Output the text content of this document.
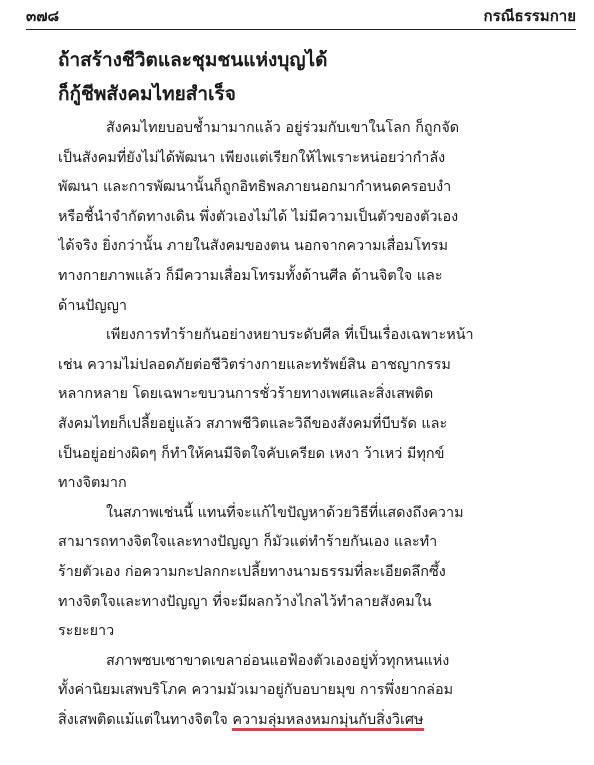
๓๗๘	กรณีธรรมกาย
ถ้าสร้างชีวิตและชุมชนแห่งบุญได้
ก็กู้ชีพสังคมไทยสำเร็จ
สังคมไทยบอบช้ำมามากแล้ว อยู่ร่วมกับเขาในโลก ก็ถูกจัด
เป็นสังคมที่ยังไม่ได้พัฒนา เพียงแต่เรียกให้ไพเราะหน่อยว่ากำลัง
พัฒนา และการพัฒนานั้นก็ถูกอิทธิพลภายนอกมากำหนดครอบงำ
หรือชี้นำจำกัดทางเดิน พึ่งตัวเองไม่ได้ ไม่มีความเป็นตัวของตัวเอง
ได้จริง ยิ่งกว่านั้น ภายในสังคมของตน นอกจากความเสื่อมโทรม
ทางกายภาพแล้ว ก็มีความเสื่อมโทรมทั้งด้านศีล ด้านจิตใจ และ
ด้านปัญญา
เพียงการทำร้ายกันอย่างหยาบระดับศีล ที่เป็นเรื่องเฉพาะหน้า
เช่น ความไม่ปลอดภัยต่อชีวิตร่างกายและทรัพย์สิน อาชญากรรม
หลากหลาย โดยเฉพาะขบวนการชั่วร้ายทางเพศและสิ่งเสพติด
สังคมไทยก็เปลี้ยอยู่แล้ว สภาพชีวิตและวิถีของสังคมที่บีบรัด และ
เป็นอยู่อย่างผิดๆ ก็ทำให้คนมีจิตใจคับเครียด เหงา ว้าเหว่ มีทุกข์
ทางจิตมาก
ในสภาพเช่นนี้ แทนที่จะแก้ไขปัญหาด้วยวิธีที่แสดงถึงความ
สามารถทางจิตใจและทางปัญญา ก็มัวแต่ทำร้ายกันเอง และทำ
ร้ายตัวเอง ก่อความกะปลกกะเปลี้ยทางนามธรรมที่ละเอียดลึกซึ้ง
ทางจิตใจและทางปัญญา ที่จะมีผลกว้างไกลไว้ทำลายสังคมใน
ระยะยาว
สภาพซบเซาขาดเขลาอ่อนแอฟ้องตัวเองอยู่ทั่วทุกหนแห่ง
ทั้งค่านิยมเสพบริโภค ความมัวเมาอยู่กับอบายมุข การพึ่งยากล่อม
สิ่งเสพติดแม้แต่ในทางจิตใจ ความลุ่มหลงหมกมุ่นกับสิ่งวิเศษ
